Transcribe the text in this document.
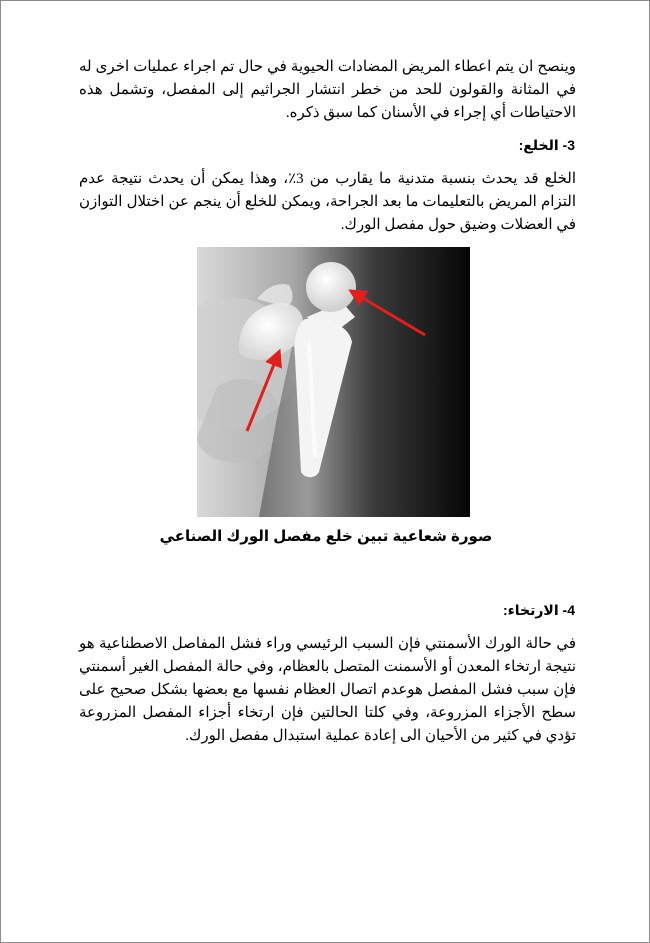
وينصح ان يتم اعطاء المريض المضادات الحيوية في حال تم اجراء عمليات اخرى له في المثانة والقولون للحد من خطر انتشار الجراثيم إلى المفصل، وتشمل هذه الاحتياطات أي إجراء في الأسنان كما سبق ذكره.

3- الخلع:

الخلع قد يحدث بنسبة متدنية ما يقارب من 3٪، وهذا يمكن أن يحدث نتيجة عدم التزام المريض بالتعليمات ما بعد الجراحة، ويمكن للخلع أن ينجم عن اختلال التوازن في العضلات وضيق حول مفصل الورك.

صورة شعاعية تبين خلع مفصل الورك الصناعي
4- الارتخاء:

في حالة الورك الأسمنتي فإن السبب الرئيسي وراء فشل المفاصل الاصطناعية هو نتيجة ارتخاء المعدن أو الأسمنت المتصل بالعظام، وفي حالة المفصل الغير أسمنتي فإن سبب فشل المفصل هوعدم اتصال العظام نفسها مع بعضها بشكل صحيح على سطح الأجزاء المزروعة، وفي كلتا الحالتين فإن ارتخاء أجزاء المفصل المزروعة تؤدي في كثير من الأحيان الى إعادة عملية استبدال مفصل الورك.
